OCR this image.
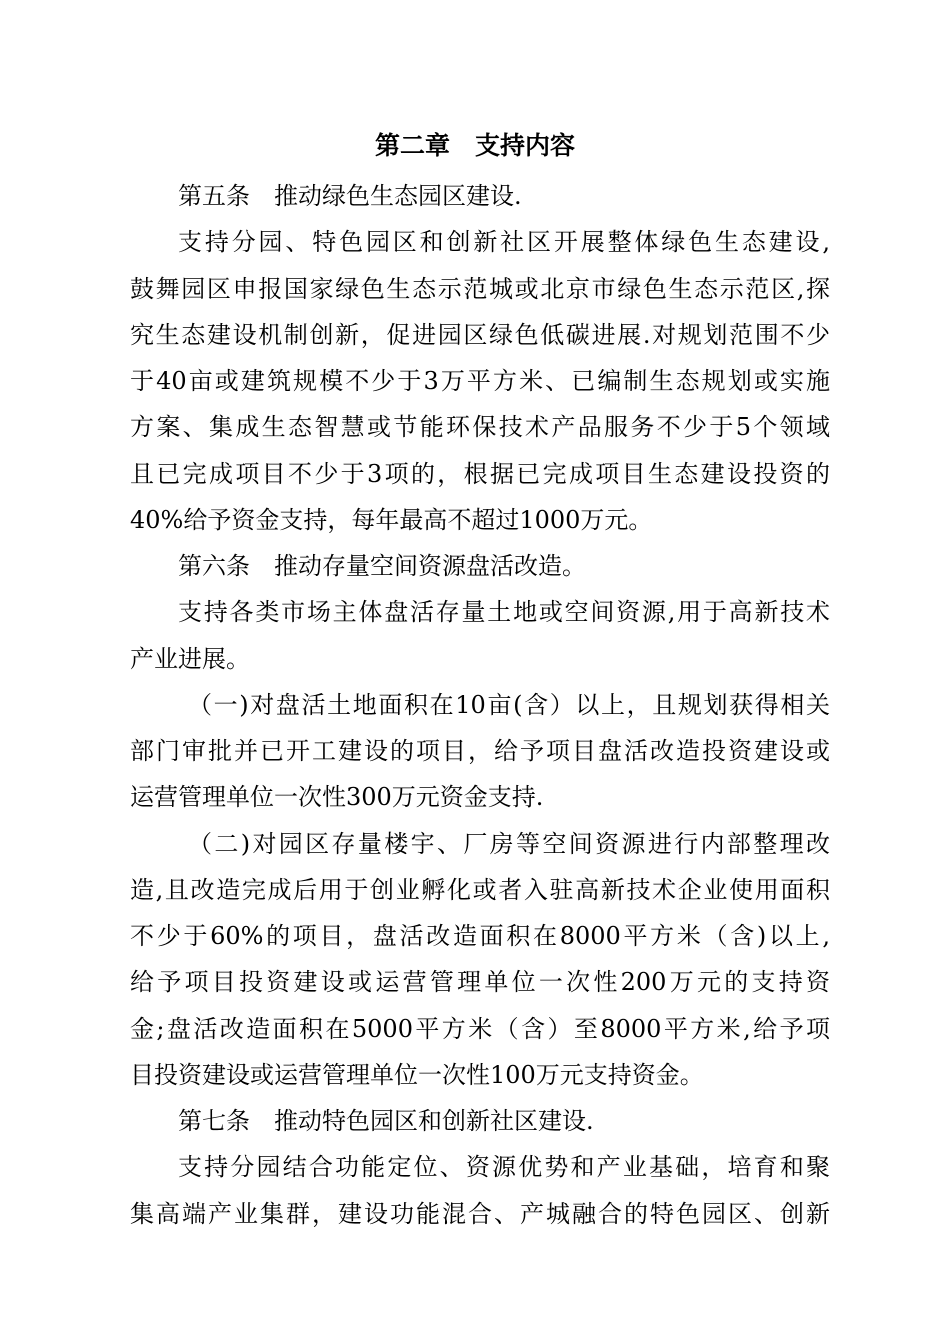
第二章　支持内容
第五条　推动绿色生态园区建设.
支持分园、特色园区和创新社区开展整体绿色生态建设,
鼓舞园区申报国家绿色生态示范城或北京市绿色生态示范区,探
究生态建设机制创新，促进园区绿色低碳进展.对规划范围不少
于40亩或建筑规模不少于3万平方米、已编制生态规划或实施
方案、集成生态智慧或节能环保技术产品服务不少于5个领域
且已完成项目不少于3项的，根据已完成项目生态建设投资的
40%给予资金支持，每年最高不超过1000万元。
第六条　推动存量空间资源盘活改造。
支持各类市场主体盘活存量土地或空间资源,用于高新技术
产业进展。
（一)对盘活土地面积在10亩(含）以上，且规划获得相关
部门审批并已开工建设的项目，给予项目盘活改造投资建设或
运营管理单位一次性300万元资金支持.
（二)对园区存量楼宇、厂房等空间资源进行内部整理改
造,且改造完成后用于创业孵化或者入驻高新技术企业使用面积
不少于60%的项目，盘活改造面积在8000平方米（含)以上,
给予项目投资建设或运营管理单位一次性200万元的支持资
金;盘活改造面积在5000平方米（含）至8000平方米,给予项
目投资建设或运营管理单位一次性100万元支持资金。
第七条　推动特色园区和创新社区建设.
支持分园结合功能定位、资源优势和产业基础，培育和聚
集高端产业集群，建设功能混合、产城融合的特色园区、创新
